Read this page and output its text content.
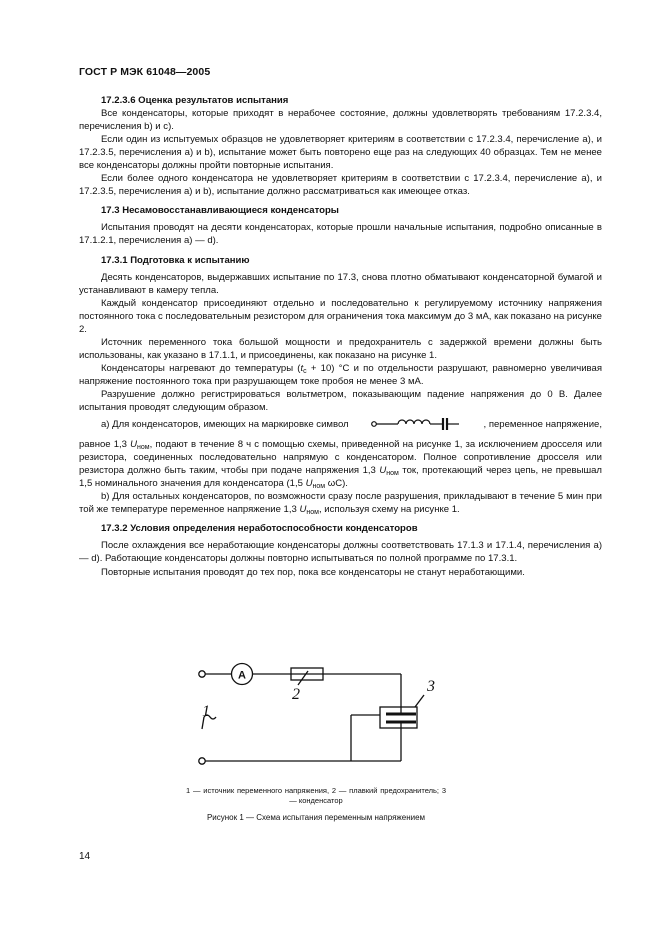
ГОСТ Р МЭК 61048—2005
17.2.3.6 Оценка результатов испытания

Все конденсаторы, которые приходят в нерабочее состояние, должны удовлетворять требованиям 17.2.3.4, перечисления b) и с).

Если один из испытуемых образцов не удовлетворяет критериям в соответствии с 17.2.3.4, перечисление а), и 17.2.3.5, перечисления а) и b), испытание может быть повторено еще раз на следующих 40 образцах. Тем не менее все конденсаторы должны пройти повторные испытания.

Если более одного конденсатора не удовлетворяет критериям в соответствии с 17.2.3.4, перечисление а), и 17.2.3.5, перечисления а) и b), испытание должно рассматриваться как имеющее отказ.

17.3 Несамовосстанавливающиеся конденсаторы

Испытания проводят на десяти конденсаторах, которые прошли начальные испытания, подробно описанные в 17.1.2.1, перечисления а) — d).

17.3.1 Подготовка к испытанию

Десять конденсаторов, выдержавших испытание по 17.3, снова плотно обматывают конденсаторной бумагой и устанавливают в камеру тепла.

Каждый конденсатор присоединяют отдельно и последовательно к регулируемому источнику напряжения постоянного тока с последовательным резистором для ограничения тока максимум до 3 мА, как показано на рисунке 2.

Источник переменного тока большой мощности и предохранитель с задержкой времени должны быть использованы, как указано в 17.1.1, и присоединены, как показано на рисунке 1.

Конденсаторы нагревают до температуры $(t_c + 10)$ °С и по отдельности разрушают, равномерно увеличивая напряжение постоянного тока при разрушающем токе пробоя не менее 3 мА.

Разрушение должно регистрироваться вольтметром, показывающим падение напряжения до 0 В. Далее испытания проводят следующим образом.

а) Для конденсаторов, имеющих на маркировке символ	, переменное напряжение,

равное 1,3 $U_{ном}$, подают в течение 8 ч с помощью схемы, приведенной на рисунке 1, за исключением дросселя или резистора, соединенных последовательно напрямую с конденсатором. Полное сопротивление дросселя или резистора должно быть таким, чтобы при подаче напряжения 1,3 $U_{ном}$ ток, протекающий через цепь, не превышал 1,5 номинального значения для конденсатора (1,5 $U_{ном}$ ωС).

b) Для остальных конденсаторов, по возможности сразу после разрушения, прикладывают в течение 5 мин при той же температуре переменное напряжение 1,3 $U_{ном}$, используя схему на рисунке 1.

17.3.2 Условия определения неработоспособности конденсаторов

После охлаждения все неработающие конденсаторы должны соответствовать 17.1.3 и 17.1.4, перечисления а) — d). Работающие конденсаторы должны повторно испытываться по полной программе по 17.3.1.

Повторные испытания проводят до тех пор, пока все конденсаторы не станут неработающими.

A
2	3
1
1 — источник переменного напряжения, 2 — плавкий предохранитель; 3 — конденсатор
Рисунок 1 — Схема испытания переменным напряжением
14
